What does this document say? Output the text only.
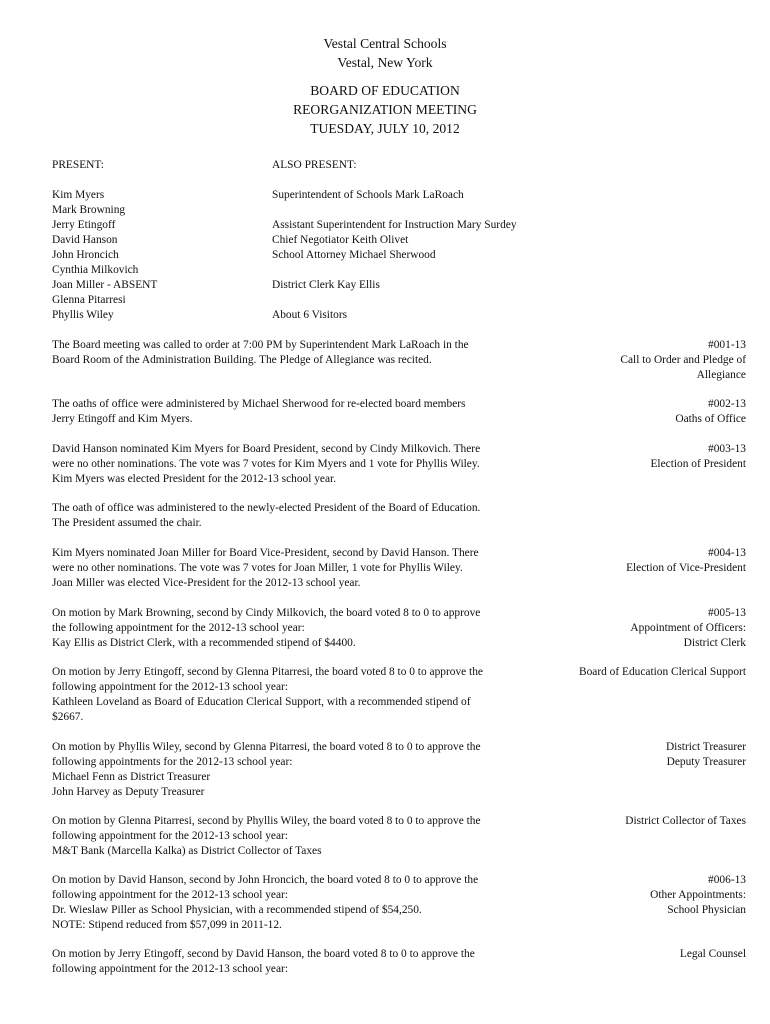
Vestal Central Schools
Vestal, New York
BOARD OF EDUCATION
REORGANIZATION MEETING
TUESDAY, JULY 10, 2012
PRESENT:
Kim Myers
Mark Browning
Jerry Etingoff
David Hanson
John Hroncich
Cynthia Milkovich
Joan Miller - ABSENT
Glenna Pitarresi
Phyllis Wiley
ALSO PRESENT:
Superintendent of Schools Mark LaRoach
Assistant Superintendent for Instruction Mary Surdey
Chief Negotiator Keith Olivet
School Attorney Michael Sherwood
District Clerk Kay Ellis
About 6 Visitors
The Board meeting was called to order at 7:00 PM by Superintendent Mark LaRoach in the
Board Room of the Administration Building. The Pledge of Allegiance was recited.
#001-13
Call to Order and Pledge of
Allegiance
The oaths of office were administered by Michael Sherwood for re-elected board members
Jerry Etingoff and Kim Myers.
#002-13
Oaths of Office
David Hanson nominated Kim Myers for Board President, second by Cindy Milkovich. There
were no other nominations. The vote was 7 votes for Kim Myers and 1 vote for Phyllis Wiley.
Kim Myers was elected President for the 2012-13 school year.
#003-13
Election of President
The oath of office was administered to the newly-elected President of the Board of Education.
The President assumed the chair.
Kim Myers nominated Joan Miller for Board Vice-President, second by David Hanson. There
were no other nominations. The vote was 7 votes for Joan Miller, 1 vote for Phyllis Wiley.
Joan Miller was elected Vice-President for the 2012-13 school year.
#004-13
Election of Vice-President
On motion by Mark Browning, second by Cindy Milkovich, the board voted 8 to 0 to approve
the following appointment for the 2012-13 school year:
Kay Ellis as District Clerk, with a recommended stipend of $4400.
#005-13
Appointment of Officers:
District Clerk
On motion by Jerry Etingoff, second by Glenna Pitarresi, the board voted 8 to 0 to approve the
following appointment for the 2012-13 school year:
Kathleen Loveland as Board of Education Clerical Support, with a recommended stipend of
$2667.
Board of Education Clerical Support
On motion by Phyllis Wiley, second by Glenna Pitarresi, the board voted 8 to 0 to approve the
following appointments for the 2012-13 school year:
Michael Fenn as District Treasurer
John Harvey as Deputy Treasurer
District Treasurer
Deputy Treasurer
On motion by Glenna Pitarresi, second by Phyllis Wiley, the board voted 8 to 0 to approve the
following appointment for the 2012-13 school year:
M&T Bank (Marcella Kalka) as District Collector of Taxes
District Collector of Taxes
On motion by David Hanson, second by John Hroncich, the board voted 8 to 0 to approve the
following appointment for the 2012-13 school year:
Dr. Wieslaw Piller as School Physician, with a recommended stipend of $54,250.
NOTE: Stipend reduced from $57,099 in 2011-12.
#006-13
Other Appointments:
School Physician
On motion by Jerry Etingoff, second by David Hanson, the board voted 8 to 0 to approve the
following appointment for the 2012-13 school year:
Legal Counsel
